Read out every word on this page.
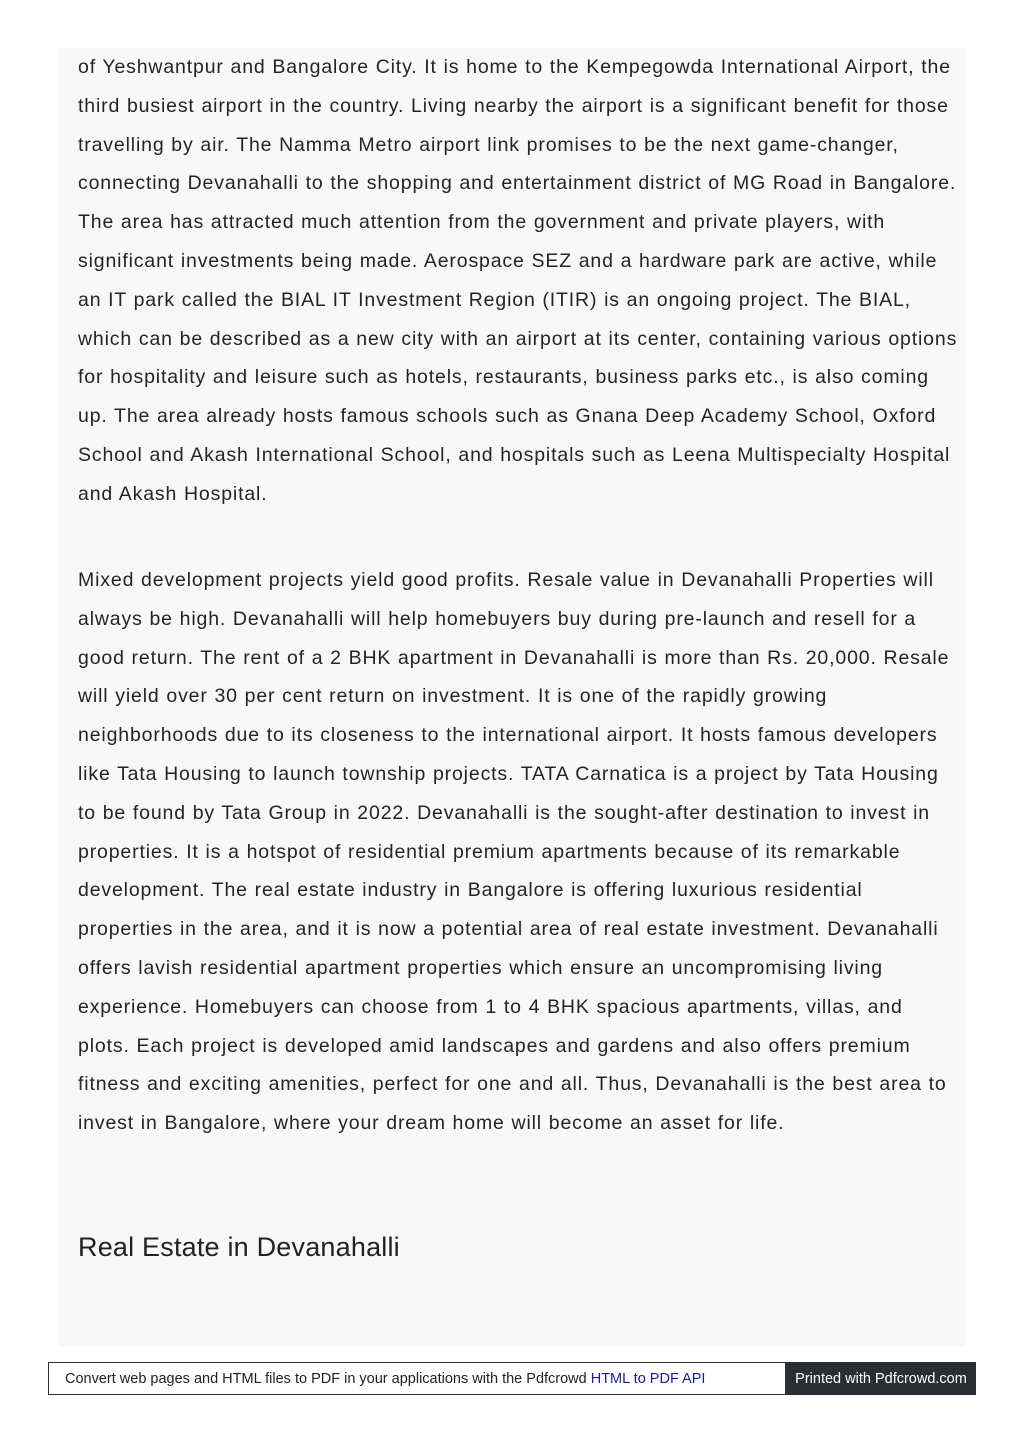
of Yeshwantpur and Bangalore City. It is home to the Kempegowda International Airport, the third busiest airport in the country. Living nearby the airport is a significant benefit for those travelling by air. The Namma Metro airport link promises to be the next game-changer, connecting Devanahalli to the shopping and entertainment district of MG Road in Bangalore. The area has attracted much attention from the government and private players, with significant investments being made. Aerospace SEZ and a hardware park are active, while an IT park called the BIAL IT Investment Region (ITIR) is an ongoing project. The BIAL, which can be described as a new city with an airport at its center, containing various options for hospitality and leisure such as hotels, restaurants, business parks etc., is also coming up. The area already hosts famous schools such as Gnana Deep Academy School, Oxford School and Akash International School, and hospitals such as Leena Multispecialty Hospital and Akash Hospital.

Mixed development projects yield good profits. Resale value in Devanahalli Properties will always be high. Devanahalli will help homebuyers buy during pre-launch and resell for a good return. The rent of a 2 BHK apartment in Devanahalli is more than Rs. 20,000. Resale will yield over 30 per cent return on investment. It is one of the rapidly growing neighborhoods due to its closeness to the international airport. It hosts famous developers like Tata Housing to launch township projects. TATA Carnatica is a project by Tata Housing to be found by Tata Group in 2022. Devanahalli is the sought-after destination to invest in properties. It is a hotspot of residential premium apartments because of its remarkable development. The real estate industry in Bangalore is offering luxurious residential properties in the area, and it is now a potential area of real estate investment. Devanahalli offers lavish residential apartment properties which ensure an uncompromising living experience. Homebuyers can choose from 1 to 4 BHK spacious apartments, villas, and plots. Each project is developed amid landscapes and gardens and also offers premium fitness and exciting amenities, perfect for one and all. Thus, Devanahalli is the best area to invest in Bangalore, where your dream home will become an asset for life.

Real Estate in Devanahalli
Convert web pages and HTML files to PDF in your applications with the Pdfcrowd HTML to PDF API	Printed with Pdfcrowd.com
